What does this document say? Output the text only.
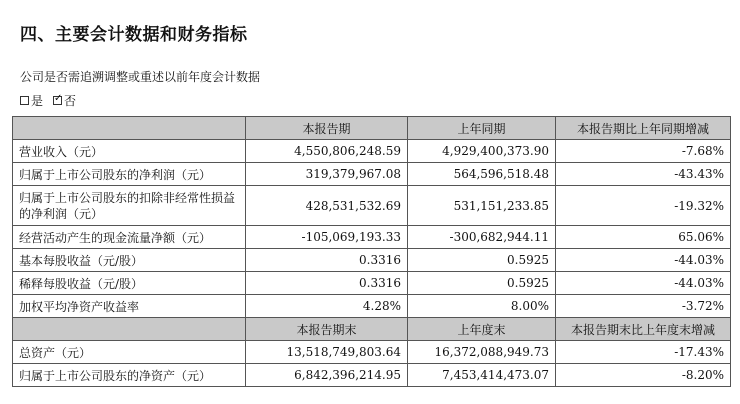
四、主要会计数据和财务指标
公司是否需追溯调整或重述以前年度会计数据
是 ✓ 否
	本报告期	上年同期	本报告期比上年同期增减
营业收入（元）	4,550,806,248.59	4,929,400,373.90	-7.68%
归属于上市公司股东的净利润（元）	319,379,967.08	564,596,518.48	-43.43%
归属于上市公司股东的扣除非经常性损益的净利润（元）	428,531,532.69	531,151,233.85	-19.32%
经营活动产生的现金流量净额（元）	-105,069,193.33	-300,682,944.11	65.06%
基本每股收益（元/股）	0.3316	0.5925	-44.03%
稀释每股收益（元/股）	0.3316	0.5925	-44.03%
加权平均净资产收益率	4.28%	8.00%	-3.72%
	本报告期末	上年度末	本报告期末比上年度末增减
总资产（元）	13,518,749,803.64	16,372,088,949.73	-17.43%
归属于上市公司股东的净资产（元）	6,842,396,214.95	7,453,414,473.07	-8.20%
